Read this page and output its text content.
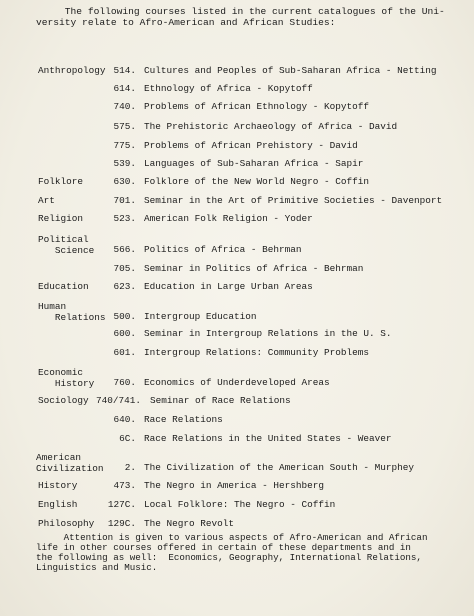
The following courses listed in the current catalogues of the Uni-
versity relate to Afro-American and African Studies:
Anthropology 514. Cultures and Peoples of Sub-Saharan Africa - Netting
614. Ethnology of Africa - Kopytoff
740. Problems of African Ethnology - Kopytoff
575. The Prehistoric Archaeology of Africa - David
775. Problems of African Prehistory - David
539. Languages of Sub-Saharan Africa - Sapir
Folklore	630. Folklore of the New World Negro - Coffin
Art	701. Seminar in the Art of Primitive Societies - Davenport
Religion	523. American Folk Religion - Yoder
Political
Science	566. Politics of Africa - Behrman
705. Seminar in Politics of Africa - Behrman
Education	623. Education in Large Urban Areas
Human
Relations 500. Intergroup Education
600. Seminar in Intergroup Relations in the U. S.
601. Intergroup Relations: Community Problems
Economic
History	760. Economics of Underdeveloped Areas
Sociology 740/741. Seminar of Race Relations
640. Race Relations
6C. Race Relations in the United States - Weaver
American
Civilization	2. The Civilization of the American South - Murphey
History	473. The Negro in America - Hershberg
English	127C. Local Folklore: The Negro - Coffin
Philosophy	129C. The Negro Revolt
Attention is given to various aspects of Afro-American and African
life in other courses offered in certain of these departments and in
the following as well:  Economics, Geography, International Relations,
Linguistics and Music.
